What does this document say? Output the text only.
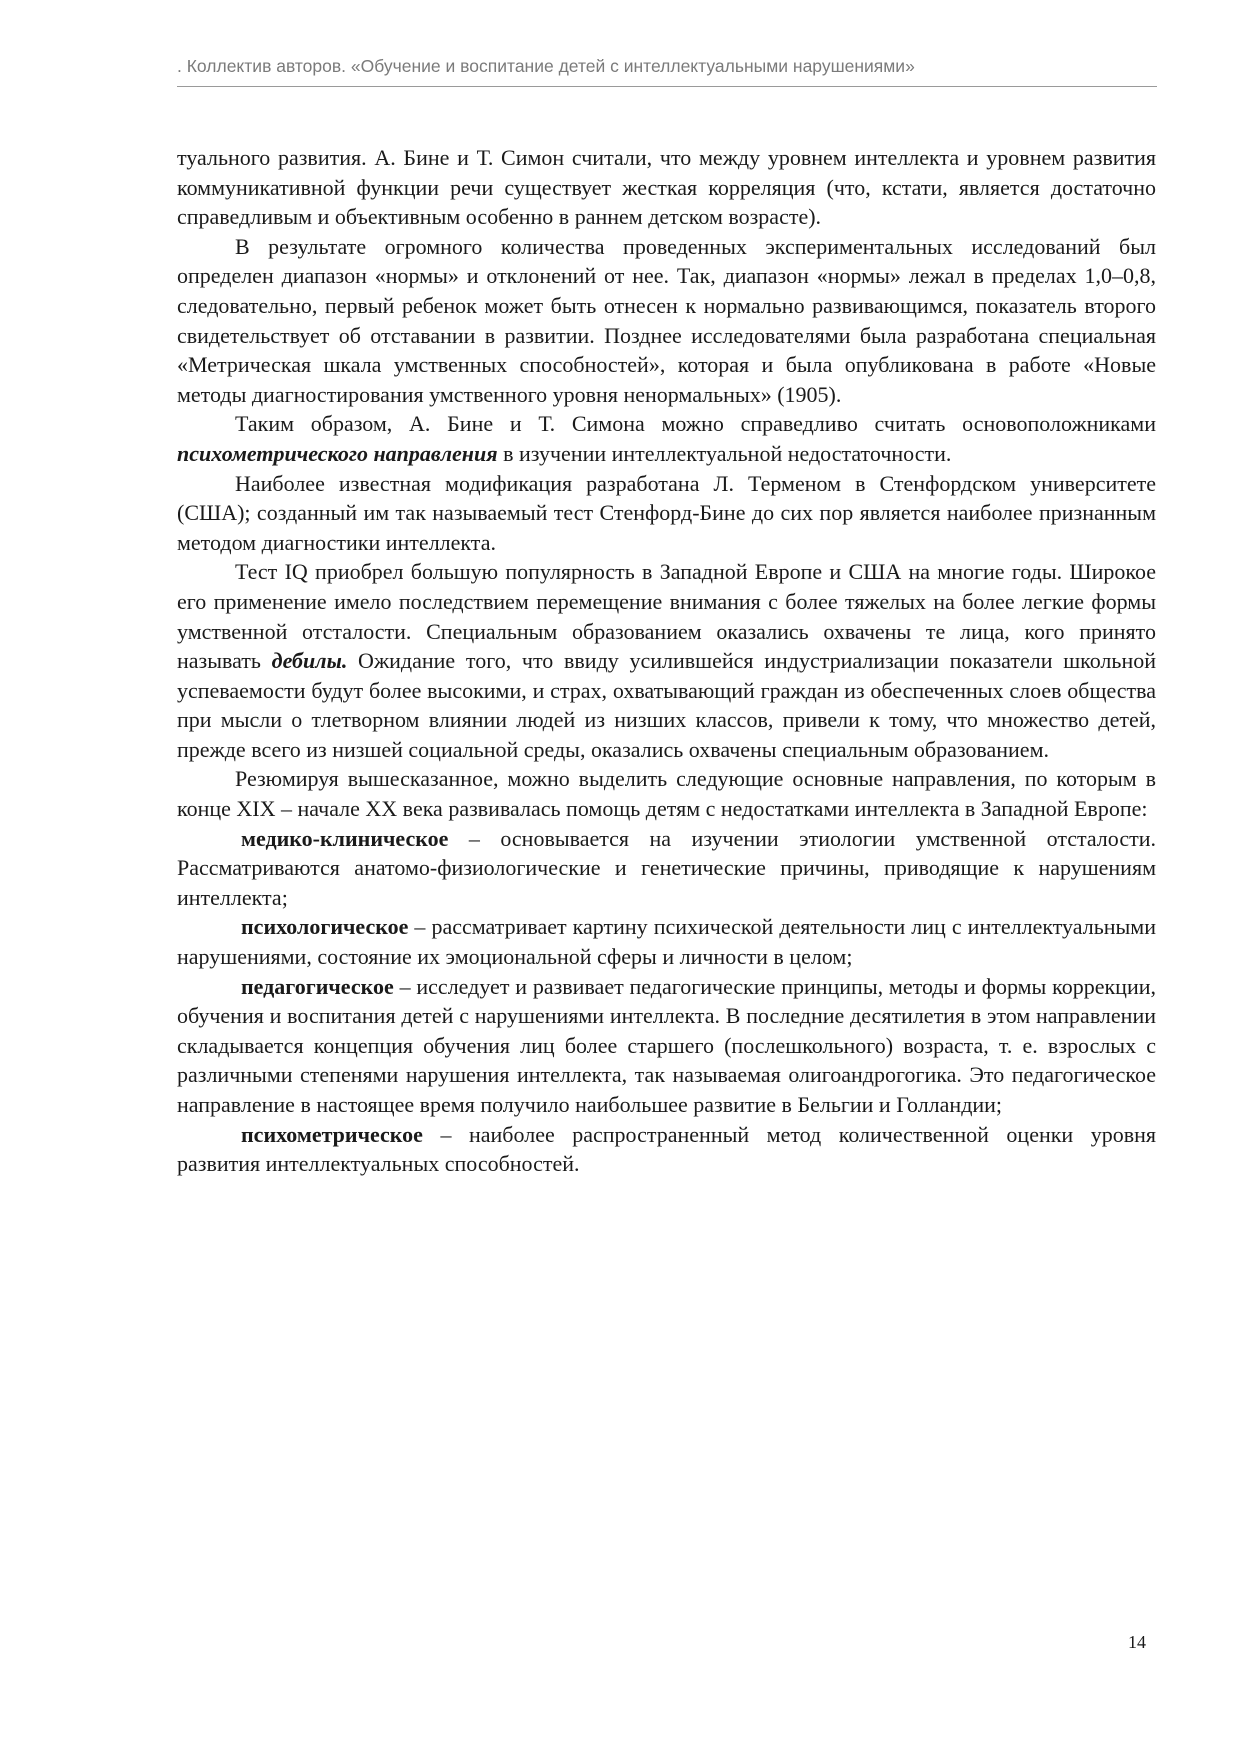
. Коллектив авторов. «Обучение и воспитание детей с интеллектуальными нарушениями»

туального развития. А. Бине и Т. Симон считали, что между уровнем интеллекта и уровнем развития коммуникативной функции речи существует жесткая корреляция (что, кстати, является достаточно справедливым и объективным особенно в раннем детском возрасте).

В результате огромного количества проведенных экспериментальных исследований был определен диапазон «нормы» и отклонений от нее. Так, диапазон «нормы» лежал в пределах 1,0–0,8, следовательно, первый ребенок может быть отнесен к нормально развивающимся, показатель второго свидетельствует об отставании в развитии. Позднее исследователями была разработана специальная «Метрическая шкала умственных способностей», которая и была опубликована в работе «Новые методы диагностирования умственного уровня ненормальных» (1905).

Таким образом, А. Бине и Т. Симона можно справедливо считать основоположниками психометрического направления в изучении интеллектуальной недостаточности.

Наиболее известная модификация разработана Л. Терменом в Стенфордском университете (США); созданный им так называемый тест Стенфорд-Бине до сих пор является наиболее признанным методом диагностики интеллекта.

Тест IQ приобрел большую популярность в Западной Европе и США на многие годы. Широкое его применение имело последствием перемещение внимания с более тяжелых на более легкие формы умственной отсталости. Специальным образованием оказались охвачены те лица, кого принято называть дебилы. Ожидание того, что ввиду усилившейся индустриализации показатели школьной успеваемости будут более высокими, и страх, охватывающий граждан из обеспеченных слоев общества при мысли о тлетворном влиянии людей из низших классов, привели к тому, что множество детей, прежде всего из низшей социальной среды, оказались охвачены специальным образованием.

Резюмируя вышесказанное, можно выделить следующие основные направления, по которым в конце XIX – начале XX века развивалась помощь детям с недостатками интеллекта в Западной Европе:

медико-клиническое – основывается на изучении этиологии умственной отсталости. Рассматриваются анатомо-физиологические и генетические причины, приводящие к нарушениям интеллекта;

психологическое – рассматривает картину психической деятельности лиц с интеллектуальными нарушениями, состояние их эмоциональной сферы и личности в целом;

педагогическое – исследует и развивает педагогические принципы, методы и формы коррекции, обучения и воспитания детей с нарушениями интеллекта. В последние десятилетия в этом направлении складывается концепция обучения лиц более старшего (послешкольного) возраста, т. е. взрослых с различными степенями нарушения интеллекта, так называемая олигоандрогогика. Это педагогическое направление в настоящее время получило наибольшее развитие в Бельгии и Голландии;

психометрическое – наиболее распространенный метод количественной оценки уровня развития интеллектуальных способностей.

14
